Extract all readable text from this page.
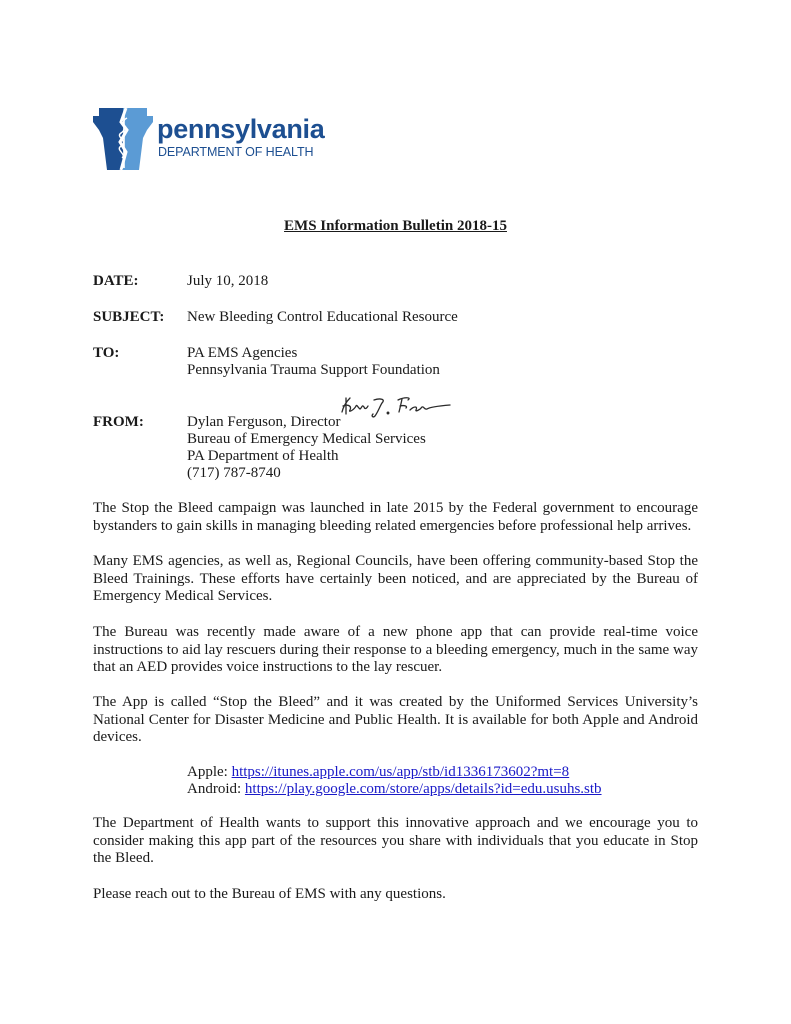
pennsylvania
DEPARTMENT OF HEALTH
EMS Information Bulletin 2018-15
DATE:	July 10, 2018
SUBJECT: New Bleeding Control Educational Resource
TO:	PA EMS Agencies
Pennsylvania Trauma Support Foundation
FROM:	Dylan Ferguson, Director
Bureau of Emergency Medical Services
PA Department of Health
(717) 787-8740
The Stop the Bleed campaign was launched in late 2015 by the Federal government to encourage bystanders to gain skills in managing bleeding related emergencies before professional help arrives.
Many EMS agencies, as well as, Regional Councils, have been offering community-based Stop the Bleed Trainings. These efforts have certainly been noticed, and are appreciated by the Bureau of Emergency Medical Services.
The Bureau was recently made aware of a new phone app that can provide real-time voice instructions to aid lay rescuers during their response to a bleeding emergency, much in the same way that an AED provides voice instructions to the lay rescuer.
The App is called “Stop the Bleed” and it was created by the Uniformed Services University’s National Center for Disaster Medicine and Public Health. It is available for both Apple and Android devices.
Apple: https://itunes.apple.com/us/app/stb/id1336173602?mt=8
Android: https://play.google.com/store/apps/details?id=edu.usuhs.stb
The Department of Health wants to support this innovative approach and we encourage you to consider making this app part of the resources you share with individuals that you educate in Stop the Bleed.
Please reach out to the Bureau of EMS with any questions.
